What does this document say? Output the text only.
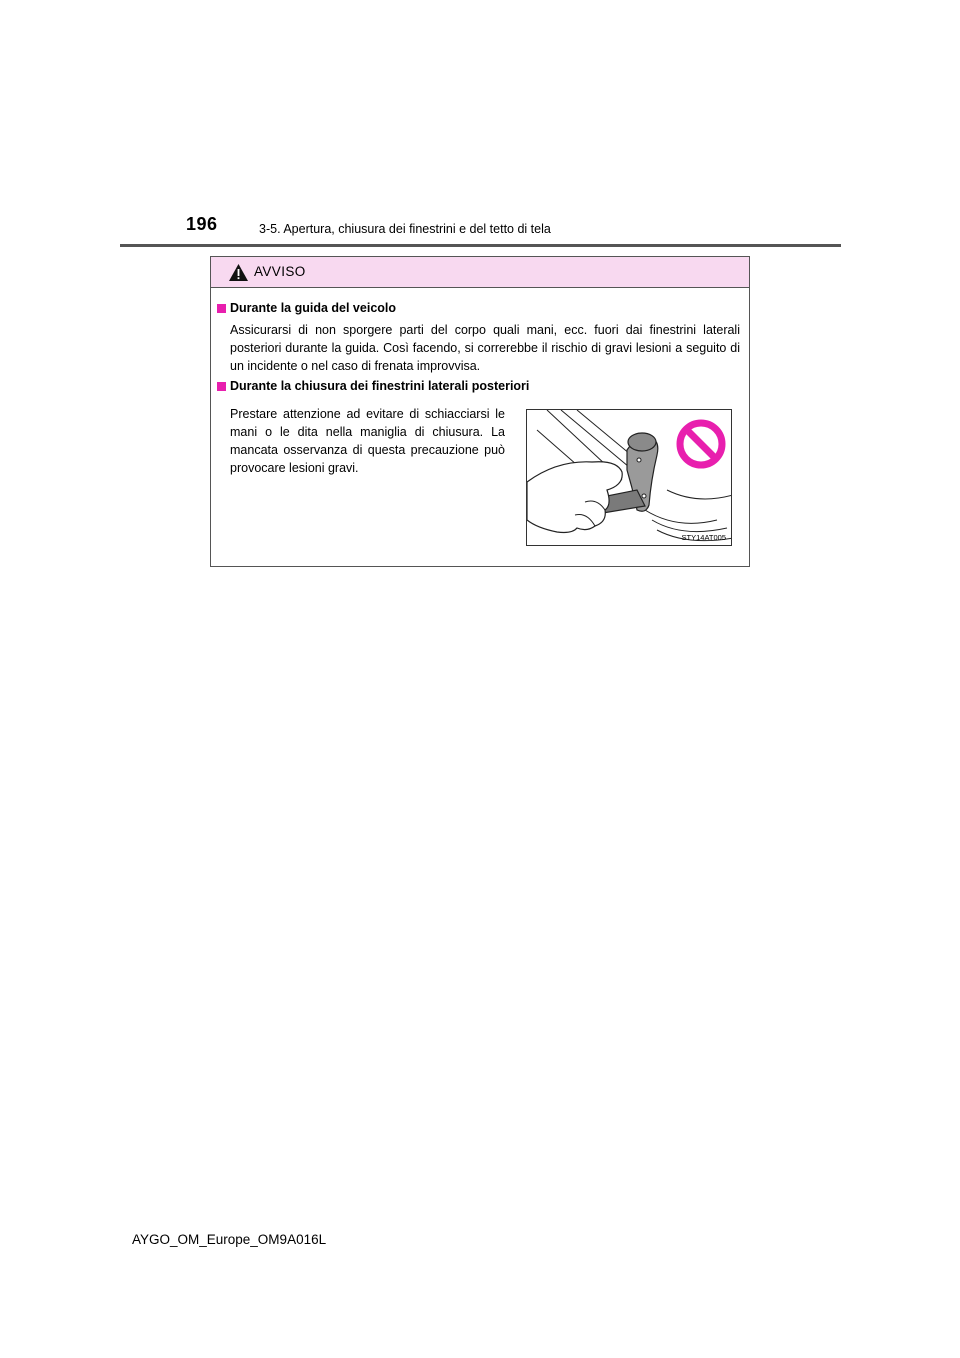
196	3-5. Apertura, chiusura dei finestrini e del tetto di tela
AVVISO
Durante la guida del veicolo
Assicurarsi di non sporgere parti del corpo quali mani, ecc. fuori dai finestrini laterali posteriori durante la guida. Così facendo, si correrebbe il rischio di gravi lesioni a seguito di un incidente o nel caso di frenata improvvisa.
Durante la chiusura dei finestrini laterali posteriori
Prestare attenzione ad evitare di schiacciarsi le mani o le dita nella maniglia di chiusura. La mancata osservanza di questa precauzione può provocare lesioni gravi.
STY14AT005
AYGO_OM_Europe_OM9A016L
